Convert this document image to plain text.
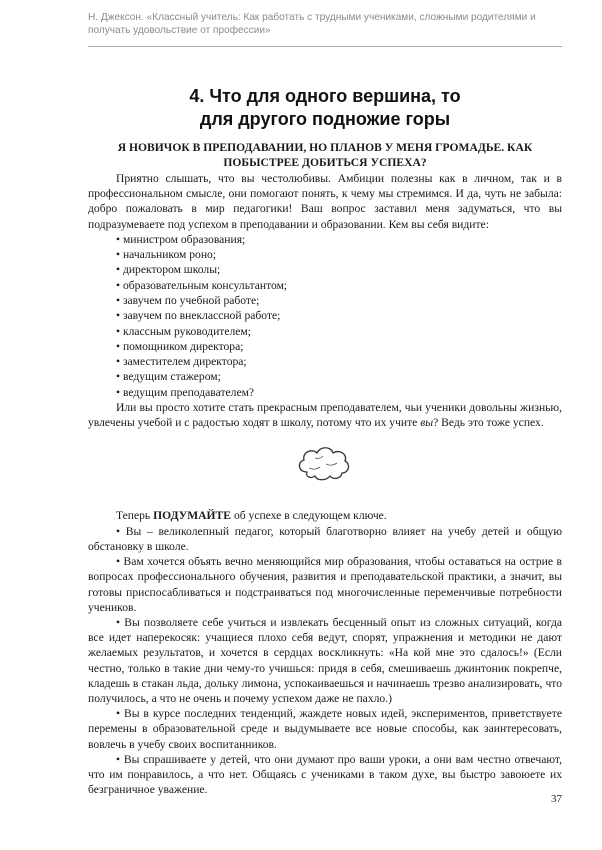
Н. Джексон. «Классный учитель: Как работать с трудными учениками, сложными родителями и получать удовольствие от профессии»
4. Что для одного вершина, то
для другого подножие горы
Я НОВИЧОК В ПРЕПОДАВАНИИ, НО ПЛАНОВ У МЕНЯ ГРОМАДЬЕ. КАК
ПОБЫСТРЕЕ ДОБИТЬСЯ УСПЕХА?

Приятно слышать, что вы честолюбивы. Амбиции полезны как в личном, так и в профессиональном смысле, они помогают понять, к чему мы стремимся. И да, чуть не забыла: добро пожаловать в мир педагогики! Ваш вопрос заставил меня задуматься, что вы подразумеваете под успехом в преподавании и образовании. Кем вы себя видите:

• министром образования;
• начальником роно;
• директором школы;
• образовательным консультантом;
• завучем по учебной работе;
• завучем по внеклассной работе;
• классным руководителем;
• помощником директора;
• заместителем директора;
• ведущим стажером;
• ведущим преподавателем?

Или вы просто хотите стать прекрасным преподавателем, чьи ученики довольны жизнью, увлечены учебой и с радостью ходят в школу, потому что их учите вы? Ведь это тоже успех.

Теперь ПОДУМАЙТЕ об успехе в следующем ключе.

• Вы – великолепный педагог, который благотворно влияет на учебу детей и общую обстановку в школе.

• Вам хочется объять вечно меняющийся мир образования, чтобы оставаться на острие в вопросах профессионального обучения, развития и преподавательской практики, а значит, вы готовы приспосабливаться и подстраиваться под многочисленные переменчивые потребности учеников.

• Вы позволяете себе учиться и извлекать бесценный опыт из сложных ситуаций, когда все идет наперекосяк: учащиеся плохо себя ведут, спорят, упражнения и методики не дают желаемых результатов, и хочется в сердцах воскликнуть: «На кой мне это сдалось!» (Если честно, только в такие дни чему-то учишься: придя в себя, смешиваешь джинтоник покрепче, кладешь в стакан льда, дольку лимона, успокаиваешься и начинаешь трезво анализировать, что получилось, а что не очень и почему успехом даже не пахло.)

• Вы в курсе последних тенденций, жаждете новых идей, экспериментов, приветствуете перемены в образовательной среде и выдумываете все новые способы, как заинтересовать, вовлечь в учебу своих воспитанников.

• Вы спрашиваете у детей, что они думают про ваши уроки, а они вам честно отвечают, что им понравилось, а что нет. Общаясь с учениками в таком духе, вы быстро завоюете их безграничное уважение.

37
